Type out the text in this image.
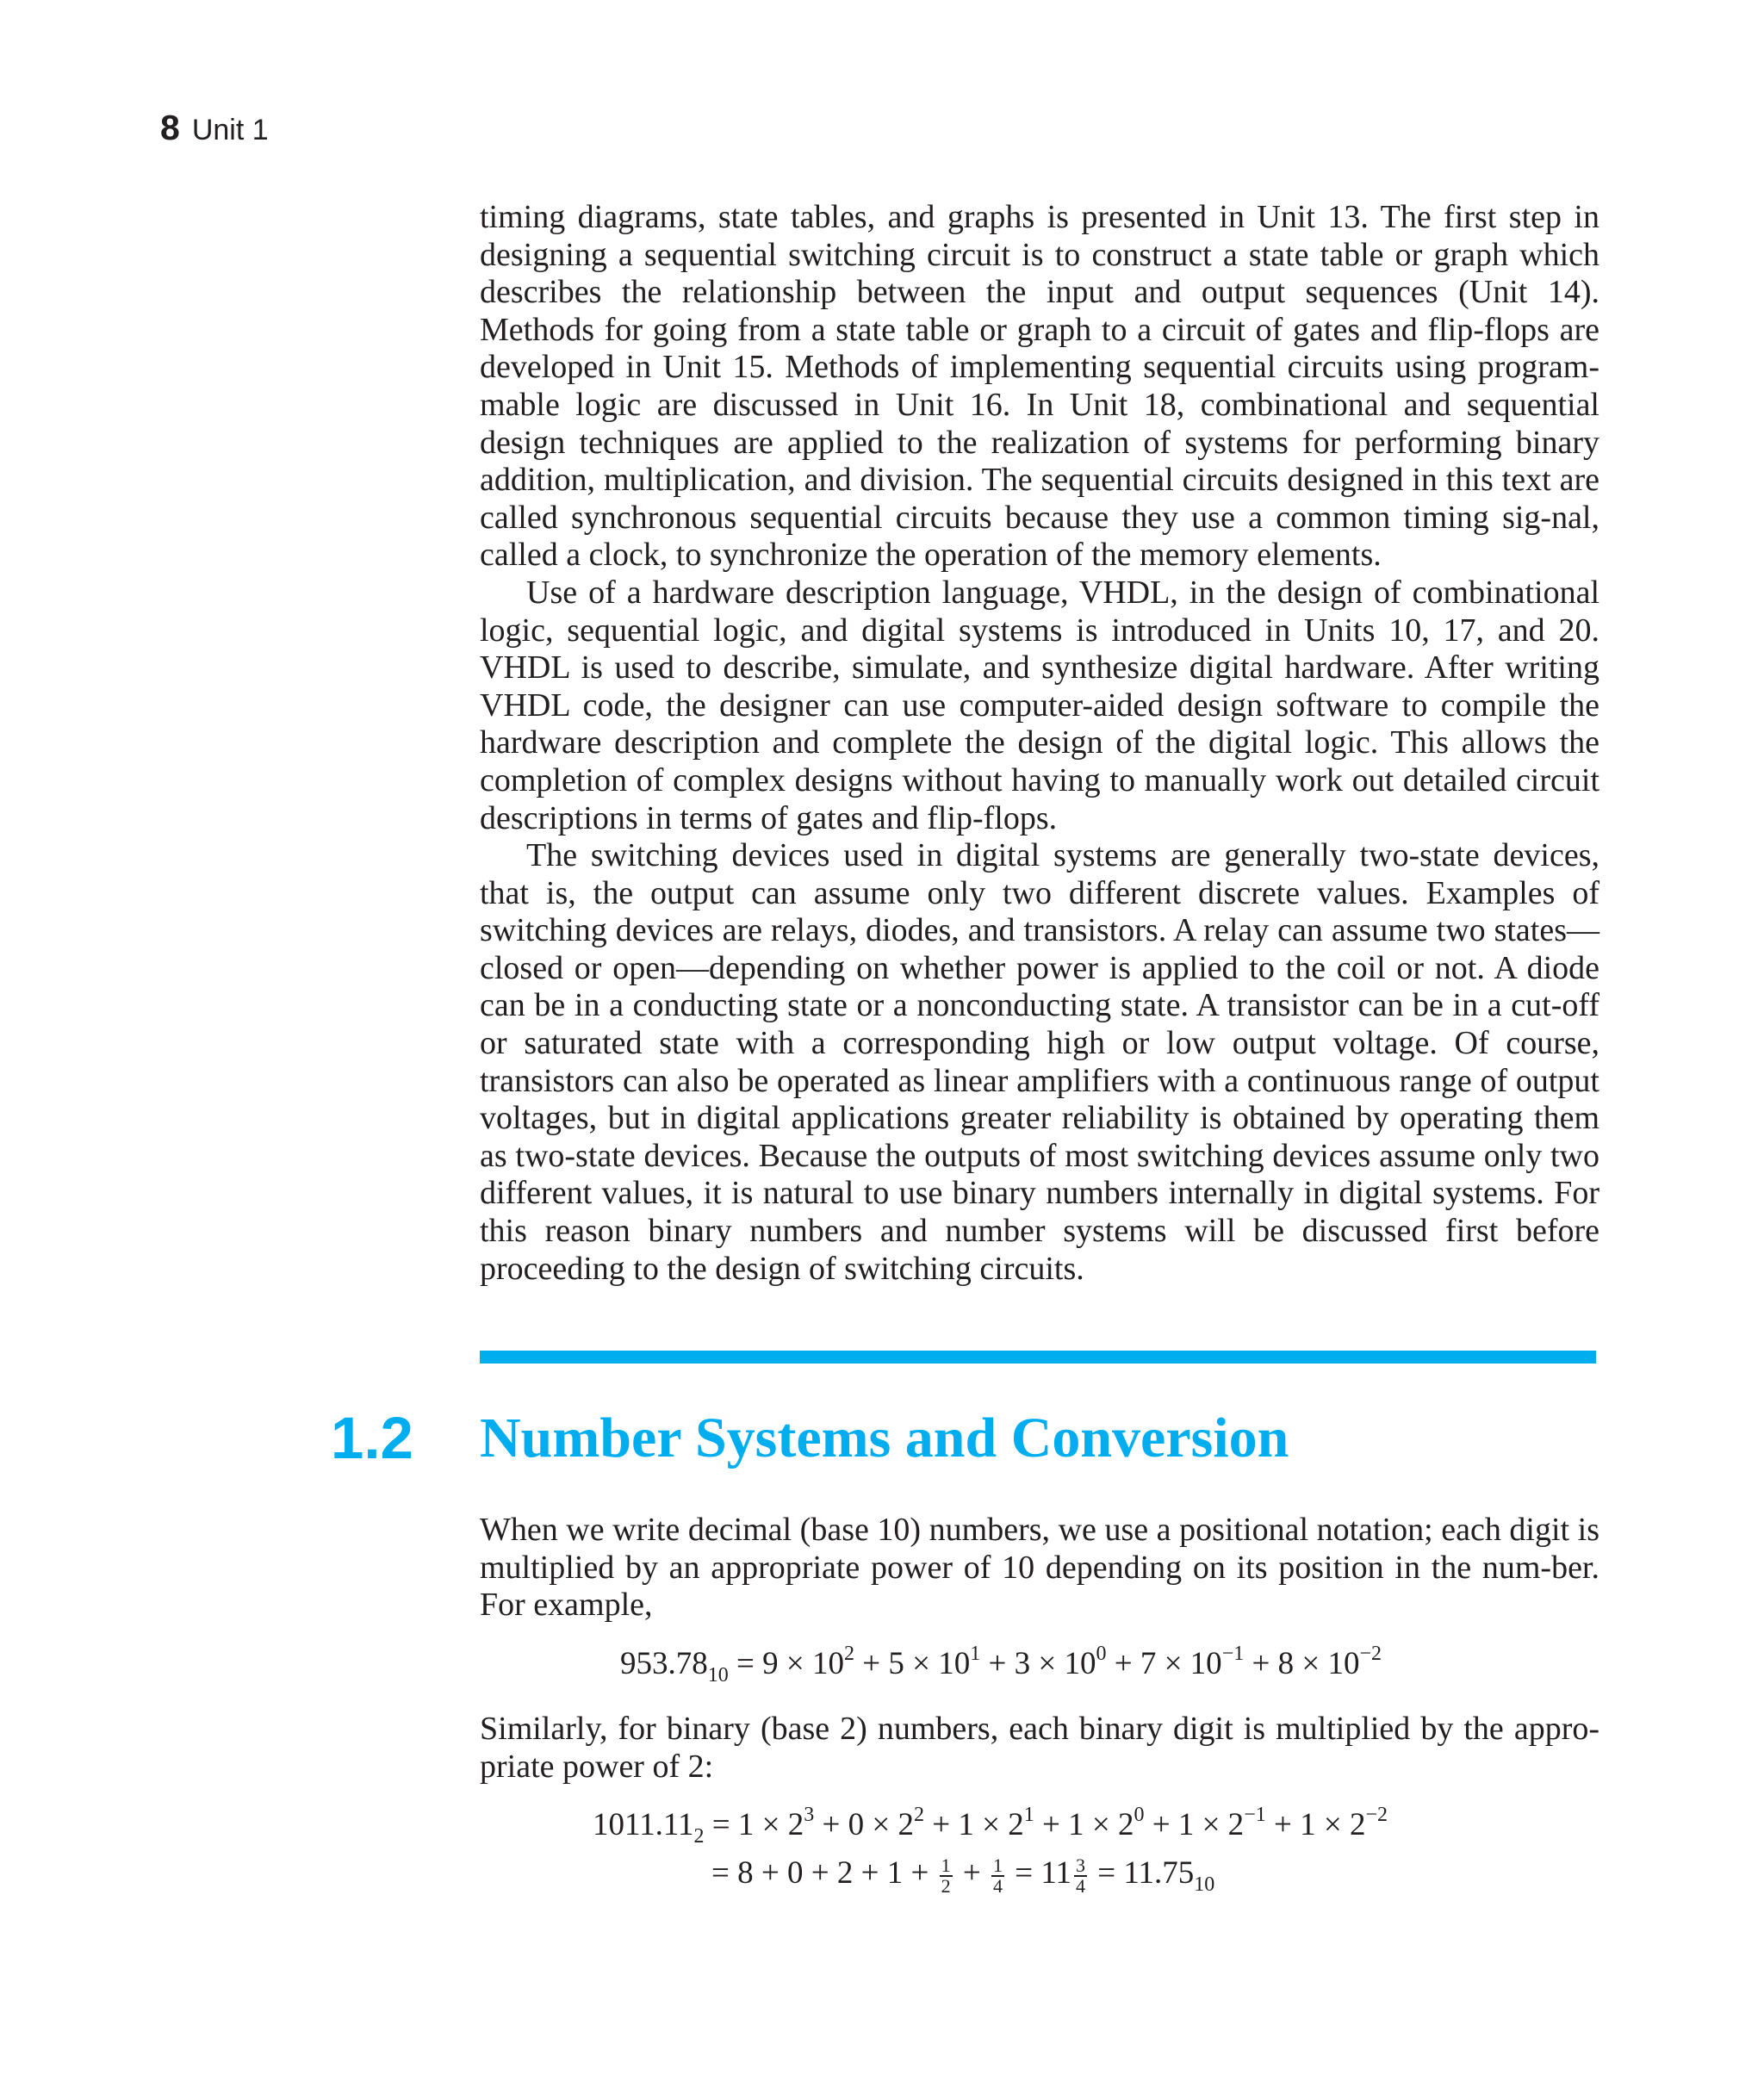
8 Unit 1

timing diagrams, state tables, and graphs is presented in Unit 13. The first step in designing a sequential switching circuit is to construct a state table or graph which describes the relationship between the input and output sequences (Unit 14). Methods for going from a state table or graph to a circuit of gates and flip-flops are developed in Unit 15. Methods of implementing sequential circuits using program-mable logic are discussed in Unit 16. In Unit 18, combinational and sequential design techniques are applied to the realization of systems for performing binary addition, multiplication, and division. The sequential circuits designed in this text are called synchronous sequential circuits because they use a common timing sig-nal, called a clock, to synchronize the operation of the memory elements.

Use of a hardware description language, VHDL, in the design of combinational logic, sequential logic, and digital systems is introduced in Units 10, 17, and 20. VHDL is used to describe, simulate, and synthesize digital hardware. After writing VHDL code, the designer can use computer-aided design software to compile the hardware description and complete the design of the digital logic. This allows the completion of complex designs without having to manually work out detailed circuit descriptions in terms of gates and flip-flops.

The switching devices used in digital systems are generally two-state devices, that is, the output can assume only two different discrete values. Examples of switching devices are relays, diodes, and transistors. A relay can assume two states—closed or open—depending on whether power is applied to the coil or not. A diode can be in a conducting state or a nonconducting state. A transistor can be in a cut-off or saturated state with a corresponding high or low output voltage. Of course, transistors can also be operated as linear amplifiers with a continuous range of output voltages, but in digital applications greater reliability is obtained by operating them as two-state devices. Because the outputs of most switching devices assume only two different values, it is natural to use binary numbers internally in digital systems. For this reason binary numbers and number systems will be discussed first before proceeding to the design of switching circuits.

1.2 Number Systems and Conversion

When we write decimal (base 10) numbers, we use a positional notation; each digit is multiplied by an appropriate power of 10 depending on its position in the num-ber. For example,

$953.78_{10} = 9 \times 10^2 + 5 \times 10^1 + 3 \times 10^0 + 7 \times 10^{-1} + 8 \times 10^{-2}$

Similarly, for binary (base 2) numbers, each binary digit is multiplied by the appro-priate power of 2:

$1011.11_2 = 1 \times 2^3 + 0 \times 2^2 + 1 \times 2^1 + 1 \times 2^0 + 1 \times 2^{-1} + 1 \times 2^{-2}$
= $8 + 0 + 2 + 1 + \frac{1}{2} + \frac{1}{4} = 11 \frac{3}{4} = 11.75_{10}$
